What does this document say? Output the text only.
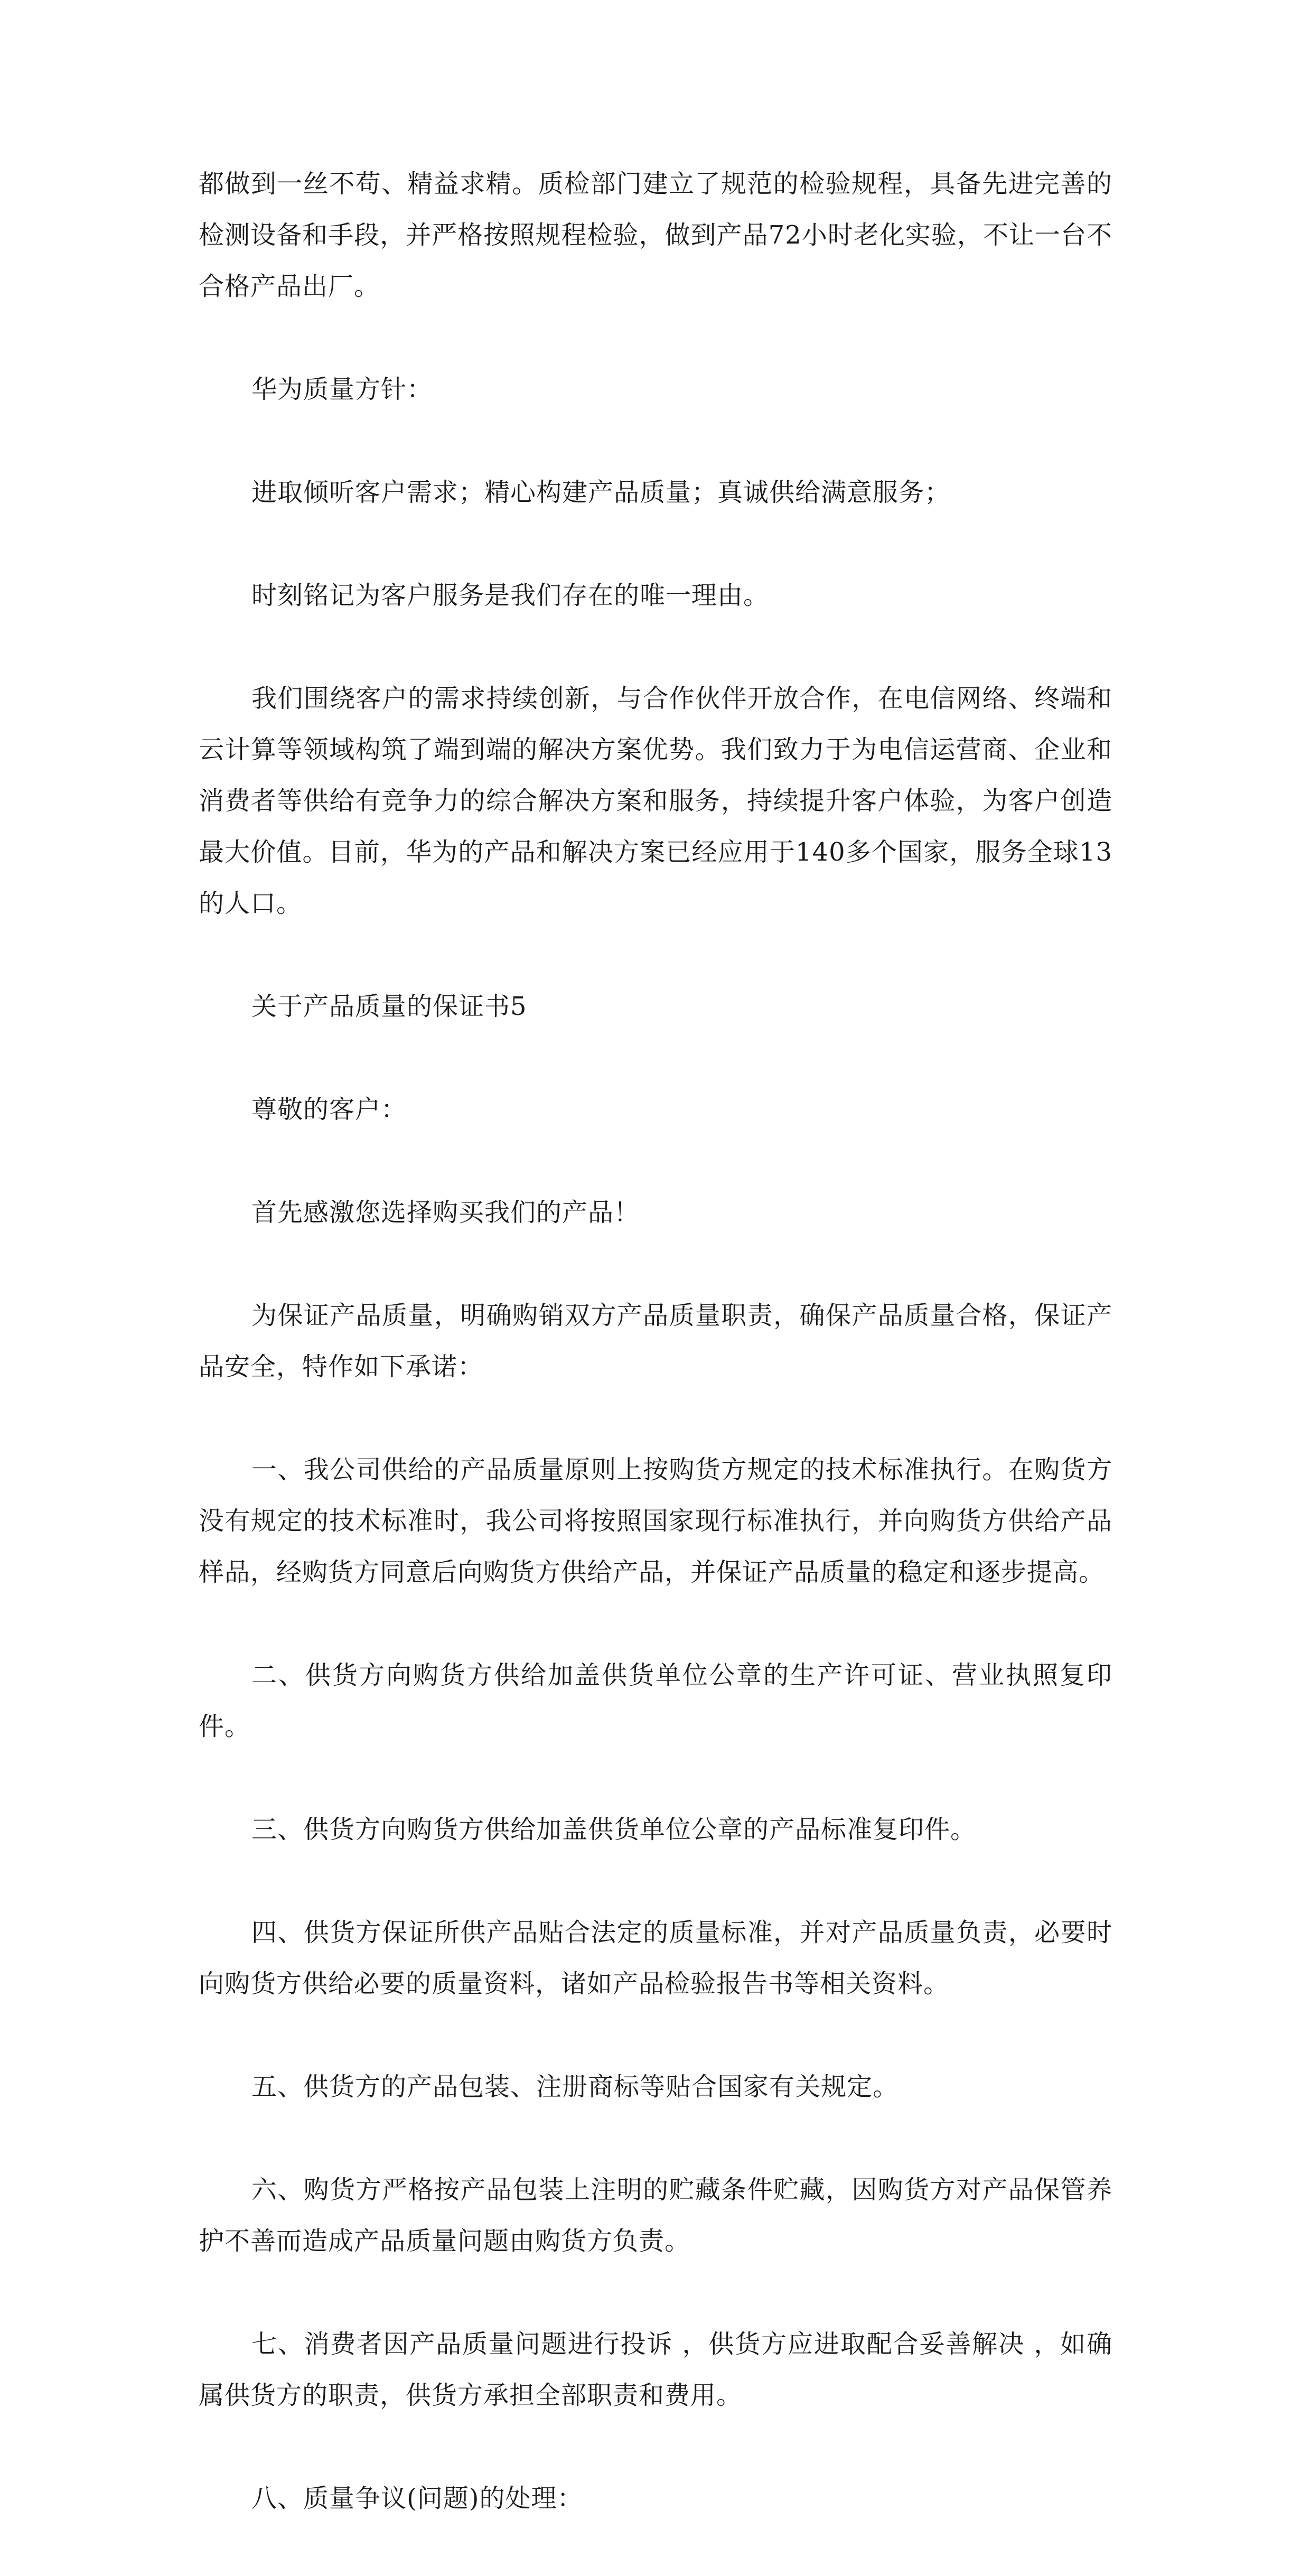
都做到一丝不苟、精益求精。质检部门建立了规范的检验规程，具备先进完善的检测设备和手段，并严格按照规程检验，做到产品72小时老化实验，不让一台不合格产品出厂。

华为质量方针：

进取倾听客户需求；精心构建产品质量；真诚供给满意服务；

时刻铭记为客户服务是我们存在的唯一理由。

我们围绕客户的需求持续创新，与合作伙伴开放合作，在电信网络、终端和云计算等领域构筑了端到端的解决方案优势。我们致力于为电信运营商、企业和消费者等供给有竞争力的综合解决方案和服务，持续提升客户体验，为客户创造最大价值。目前，华为的产品和解决方案已经应用于140多个国家，服务全球13的人口。

关于产品质量的保证书5

尊敬的客户：

首先感激您选择购买我们的产品！

为保证产品质量，明确购销双方产品质量职责，确保产品质量合格，保证产品安全，特作如下承诺：

一、我公司供给的产品质量原则上按购货方规定的技术标准执行。在购货方没有规定的技术标准时，我公司将按照国家现行标准执行，并向购货方供给产品样品，经购货方同意后向购货方供给产品，并保证产品质量的稳定和逐步提高。

二、供货方向购货方供给加盖供货单位公章的生产许可证、营业执照复印件。

三、供货方向购货方供给加盖供货单位公章的产品标准复印件。

四、供货方保证所供产品贴合法定的质量标准，并对产品质量负责，必要时向购货方供给必要的质量资料，诸如产品检验报告书等相关资料。

五、供货方的产品包装、注册商标等贴合国家有关规定。

六、购货方严格按产品包装上注明的贮藏条件贮藏，因购货方对产品保管养护不善而造成产品质量问题由购货方负责。

七、消费者因产品质量问题进行投诉 ，供货方应进取配合妥善解决 ，如确属供货方的职责，供货方承担全部职责和费用。

八、质量争议(问题)的处理：
